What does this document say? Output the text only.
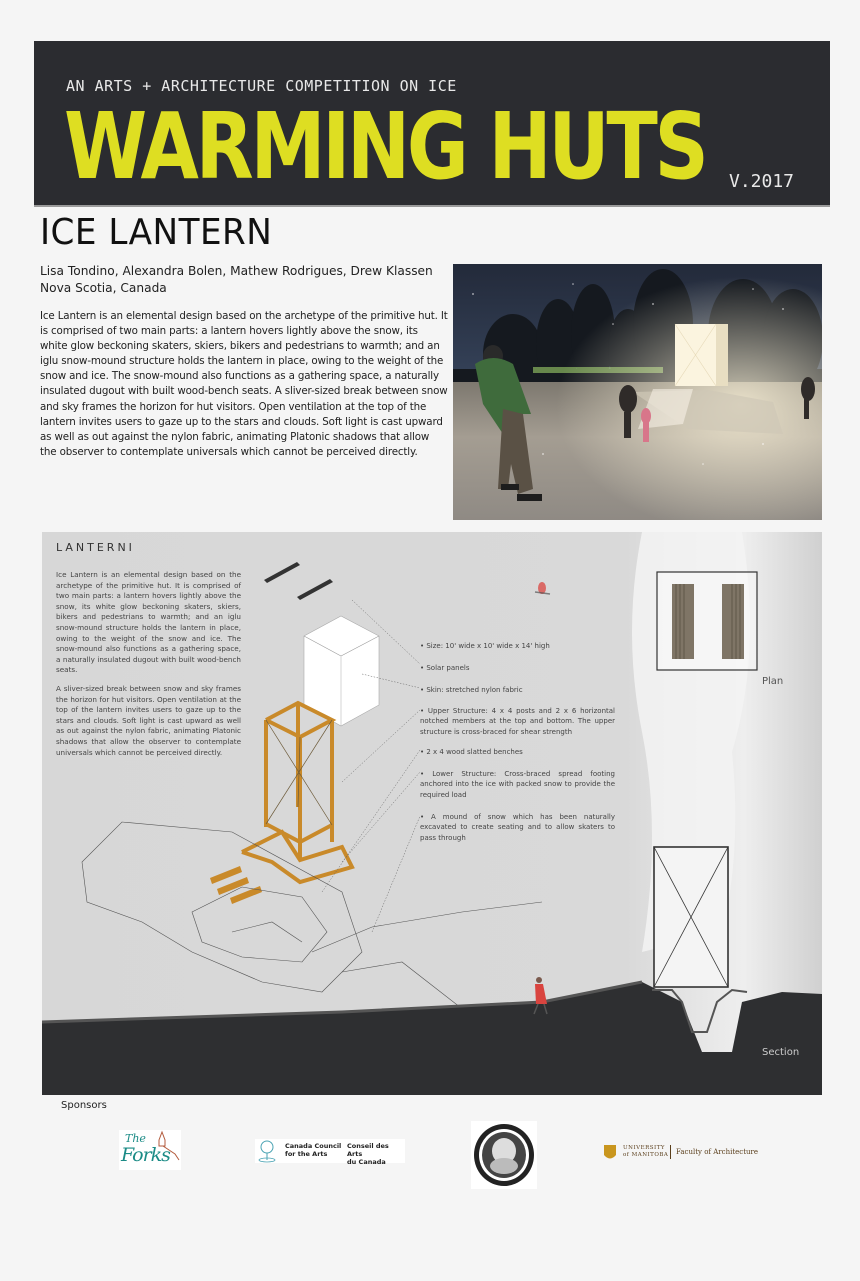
AN ARTS + ARCHITECTURE COMPETITION ON ICE
WARMING HUTS V.2017
ICE LANTERN
Lisa Tondino, Alexandra Bolen, Mathew Rodrigues, Drew Klassen
Nova Scotia, Canada
Ice Lantern is an elemental design based on the archetype of the primitive hut. It is comprised of two main parts: a lantern hovers lightly above the snow, its white glow beckoning skaters, skiers, bikers and pedestrians to warmth; and an iglu snow-mound structure holds the lantern in place, owing to the weight of the snow and ice. The snow-mound also functions as a gathering space, a naturally insulated dugout with built wood-bench seats. A sliver-sized break between snow and sky frames the horizon for hut visitors. Open ventilation at the top of the lantern invites users to gaze up to the stars and clouds. Soft light is cast upward as well as out against the nylon fabric, animating Platonic shadows that allow the observer to contemplate universals which cannot be perceived directly.
LANTERNI

Ice Lantern is an elemental design based on the archetype of the primitive hut. It is comprised of two main parts: a lantern hovers lightly above the snow, its white glow beckoning skaters, skiers, bikers and pedestrians to warmth; and an iglu snow-mound structure holds the lantern in place, owing to the weight of the snow and ice. The snow-mound also functions as a gathering space, a naturally insulated dugout with built wood-bench seats.

A sliver-sized break between snow and sky frames the horizon for hut visitors. Open ventilation at the top of the lantern invites users to gaze up to the stars and clouds. Soft light is cast upward as well as out against the nylon fabric, animating Platonic shadows that allow the observer to contemplate universals which cannot be perceived directly.

• Size: 10' wide x 10' wide x 14' high
• Solar panels
• Skin: stretched nylon fabric
• Upper Structure: 4 x 4 posts and 2 x 6 horizontal notched members at the top and bottom. The upper structure is cross-braced for shear strength
• 2 x 4 wood slatted benches
• Lower Structure: Cross-braced spread footing anchored into the ice with packed snow to provide the required load
• A mound of snow which has been naturally excavated to create seating and to allow skaters to pass through
Plan
Section
Sponsors
The
Forks	Canada Council
for the Arts
Conseil des Arts
du Canada
UNIVERSITY
of MANITOBA Faculty of Architecture
